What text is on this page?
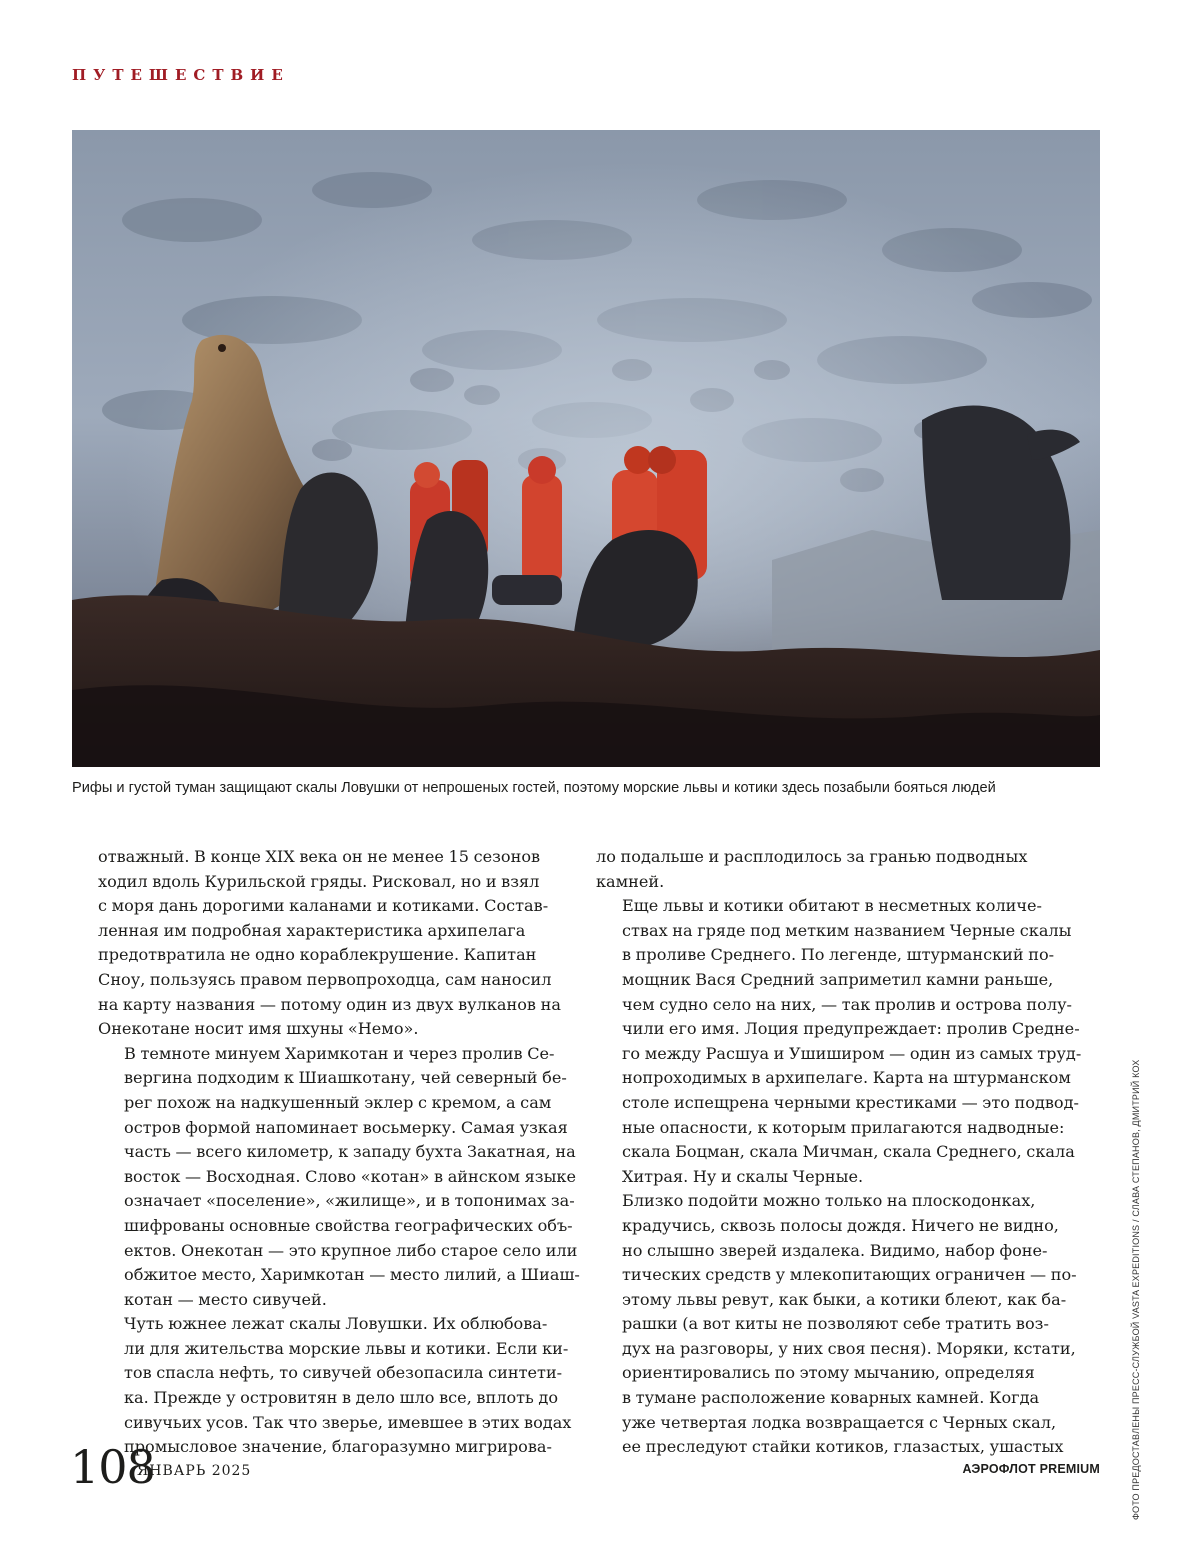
ПУТЕШЕСТВИЕ
Рифы и густой туман защищают скалы Ловушки от непрошеных гостей, поэтому морские львы и котики здесь позабыли бояться людей

отважный. В конце XIX века он не менее 15 сезонов
ходил вдоль Курильской гряды. Рисковал, но и взял
с моря дань дорогими каланами и котиками. Состав-
ленная им подробная характеристика архипелага
предотвратила не одно кораблекрушение. Капитан
Сноу, пользуясь правом первопроходца, сам наносил
на карту названия — потому один из двух вулканов на
Онекотане носит имя шхуны «Немо».

В темноте минуем Харимкотан и через пролив Се-
вергина подходим к Шиашкотану, чей северный бе-
рег похож на надкушенный эклер с кремом, а сам
остров формой напоминает восьмерку. Самая узкая
часть — всего километр, к западу бухта Закатная, на
восток — Восходная. Слово «котан» в айнском языке
означает «поселение», «жилище», и в топонимах за-
шифрованы основные свойства географических объ-
ектов. Онекотан — это крупное либо старое село или
обжитое место, Харимкотан — место лилий, а Шиаш-
котан — место сивучей.

Чуть южнее лежат скалы Ловушки. Их облюбова-
ли для жительства морские львы и котики. Если ки-
тов спасла нефть, то сивучей обезопасила синтети-
ка. Прежде у островитян в дело шло все, вплоть до
сивучьих усов. Так что зверье, имевшее в этих водах
промысловое значение, благоразумно мигрирова-

ло подальше и расплодилось за гранью подводных
камней.

Еще львы и котики обитают в несметных количе-
ствах на гряде под метким названием Черные скалы
в проливе Среднего. По легенде, штурманский по-
мощник Вася Средний заприметил камни раньше,
чем судно село на них, — так пролив и острова полу-
чили его имя. Лоция предупреждает: пролив Средне-
го между Расшуа и Ушиширом — один из самых труд-
нопроходимых в архипелаге. Карта на штурманском
столе испещрена черными крестиками — это подвод-
ные опасности, к которым прилагаются надводные:
скала Боцман, скала Мичман, скала Среднего, скала
Хитрая. Ну и скалы Черные.

Близко подойти можно только на плоскодонках,
крадучись, сквозь полосы дождя. Ничего не видно,
но слышно зверей издалека. Видимо, набор фоне-
тических средств у млекопитающих ограничен — по-
этому львы ревут, как быки, а котики блеют, как ба-
рашки (а вот киты не позволяют себе тратить воз-
дух на разговоры, у них своя песня). Моряки, кстати,
ориентировались по этому мычанию, определяя
в тумане расположение коварных камней. Когда
уже четвертая лодка возвращается с Черных скал,
ее преследуют стайки котиков, глазастых, ушастых	ФОТО ПРЕДОСТАВЛЕНЫ ПРЕСС-СЛУЖБОЙ VASTA EXPEDITIONS / СЛАВА СТЕПАНОВ, ДМИТРИЙ КОХ
108
ЯНВАРЬ 2025	АЭРОФЛОТ PREMIUM
